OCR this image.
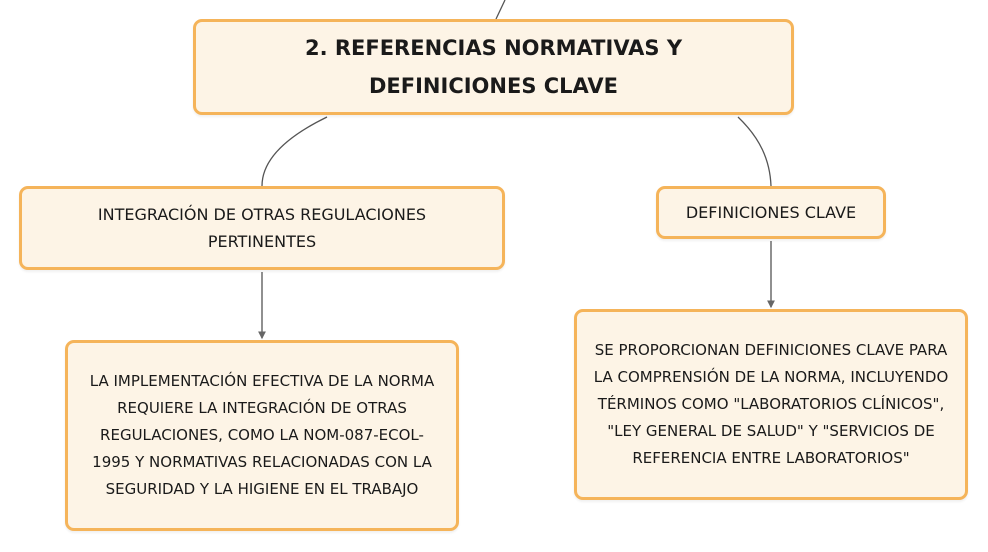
2. REFERENCIAS NORMATIVAS Y DEFINICIONES CLAVE
INTEGRACIÓN DE OTRAS REGULACIONES PERTINENTES
DEFINICIONES CLAVE
LA IMPLEMENTACIÓN EFECTIVA DE LA NORMA REQUIERE LA INTEGRACIÓN DE OTRAS REGULACIONES, COMO LA NOM-087-ECOL-1995 Y NORMATIVAS RELACIONADAS CON LA SEGURIDAD Y LA HIGIENE EN EL TRABAJO
SE PROPORCIONAN DEFINICIONES CLAVE PARA LA COMPRENSIÓN DE LA NORMA, INCLUYENDO TÉRMINOS COMO "LABORATORIOS CLÍNICOS", "LEY GENERAL DE SALUD" Y "SERVICIOS DE REFERENCIA ENTRE LABORATORIOS"
